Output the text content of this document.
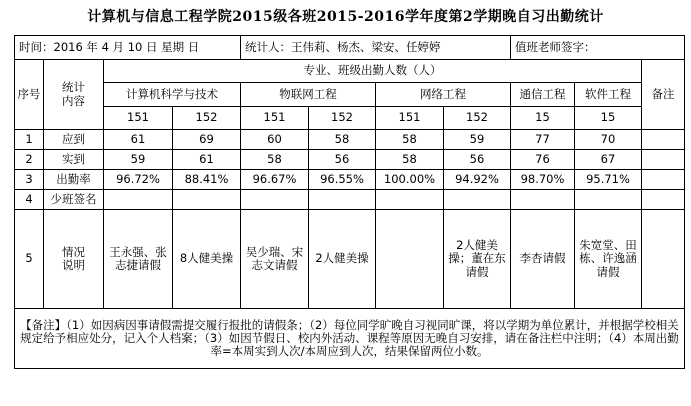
计算机与信息工程学院2015级各班2015-2016学年度第2学期晚自习出勤统计
时间：2016 年 4 月 10 日 星期 日				统计人：王伟莉、杨杰、梁安、任婷婷				值班老师签字：		
序号	统计内容	专业、班级出勤人数（人）								备注
		计算机科学与技术		物联网工程		网络工程		通信工程	软件工程	
		151	152	151	152	151	152	15	15	
1	应到	61	69	60	58	58	59	77	70	
2	实到	59	61	58	56	58	56	76	67	
3	出勤率	96.72%	88.41%	96.67%	96.55%	100.00%	94.92%	98.70%	95.71%	
4	少班签名									
5	情况说明	王永强、张志捷请假	8人健美操	吴少瑞、宋志文请假	2人健美操		2人健美操；董在东请假	李杏请假	朱宽堂、田栋、许逸涵请假	
【备注】（1）如因病因事请假需提交履行报批的请假条；（2）每位同学旷晚自习视同旷课，将以学期为单位累计，并根据学校相关规定给予相应处分，记入个人档案；（3）如因节假日、校内外活动、课程等原因无晚自习安排，请在备注栏中注明；（4）本周出勤率=本周实到人次/本周应到人次，结果保留两位小数。										
